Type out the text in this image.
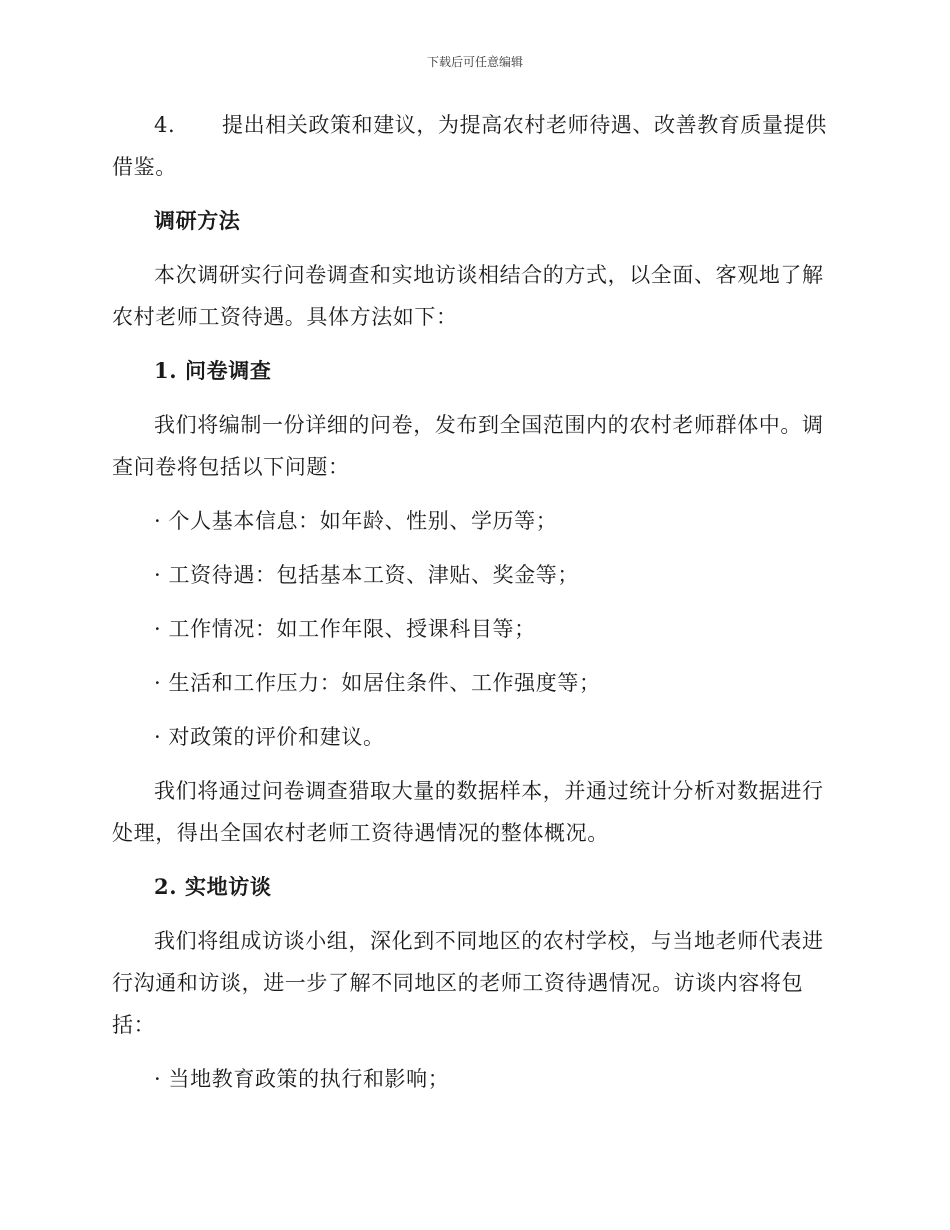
下载后可任意编辑

4. 提出相关政策和建议，为提高农村老师待遇、改善教育质量提供借鉴。

调研方法

本次调研实行问卷调查和实地访谈相结合的方式，以全面、客观地了解农村老师工资待遇。具体方法如下：

1. 问卷调查

我们将编制一份详细的问卷，发布到全国范围内的农村老师群体中。调查问卷将包括以下问题：

· 个人基本信息：如年龄、性别、学历等；

· 工资待遇：包括基本工资、津贴、奖金等；

· 工作情况：如工作年限、授课科目等；

· 生活和工作压力：如居住条件、工作强度等；

· 对政策的评价和建议。

我们将通过问卷调查猎取大量的数据样本，并通过统计分析对数据进行处理，得出全国农村老师工资待遇情况的整体概况。

2. 实地访谈

我们将组成访谈小组，深化到不同地区的农村学校，与当地老师代表进行沟通和访谈，进一步了解不同地区的老师工资待遇情况。访谈内容将包括：

· 当地教育政策的执行和影响；
